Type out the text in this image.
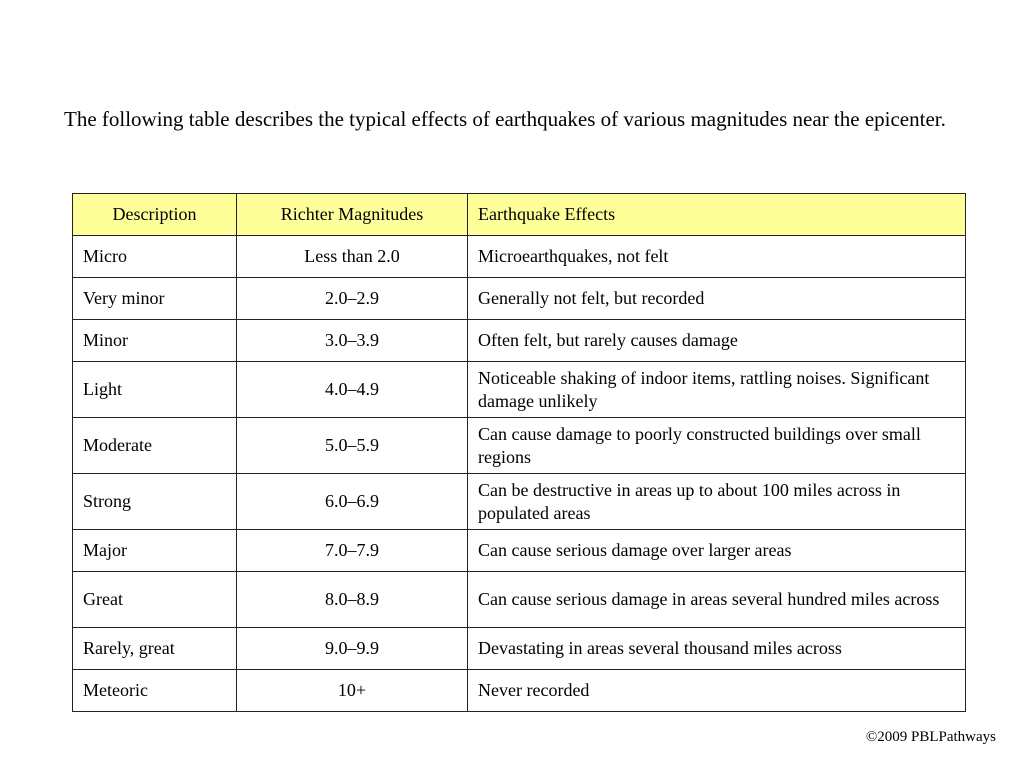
The following table describes the typical effects of earthquakes of various magnitudes near the epicenter.

Description	Richter Magnitudes	Earthquake Effects
Micro	Less than 2.0	Microearthquakes, not felt
Very minor	2.0–2.9	Generally not felt, but recorded
Minor	3.0–3.9	Often felt, but rarely causes damage
Light	4.0–4.9	Noticeable shaking of indoor items, rattling noises. Significant damage unlikely
Moderate	5.0–5.9	Can cause damage to poorly constructed buildings over small regions
Strong	6.0–6.9	Can be destructive in areas up to about 100 miles across in populated areas
Major	7.0–7.9	Can cause serious damage over larger areas
Great	8.0–8.9	Can cause serious damage in areas several hundred miles across
Rarely, great	9.0–9.9	Devastating in areas several thousand miles across
Meteoric	10+	Never recorded
©2009 PBLPathways
